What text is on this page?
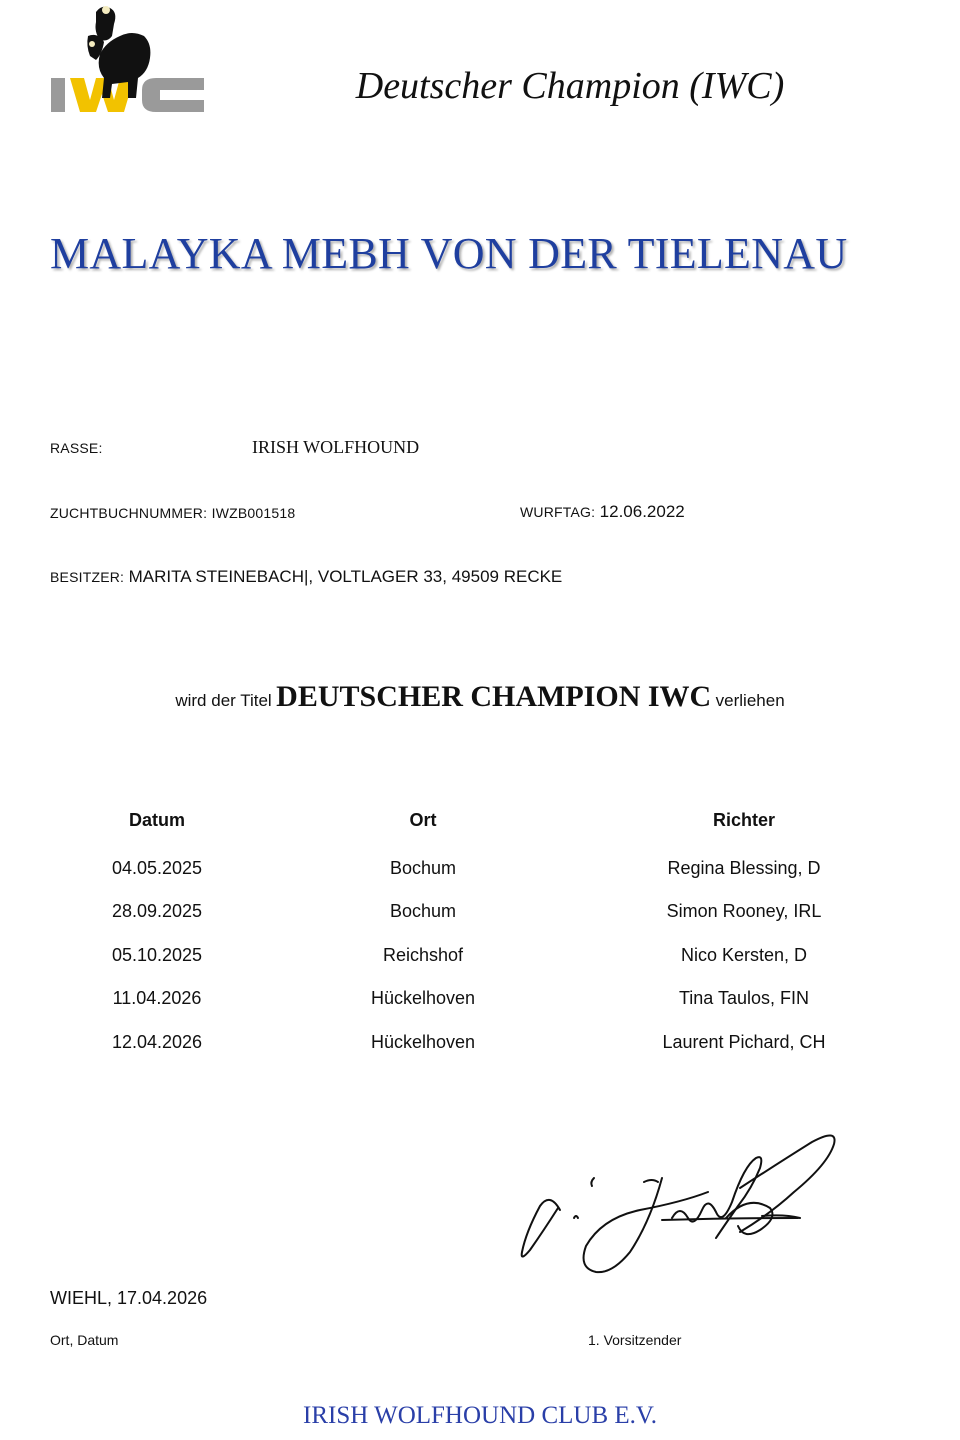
Deutscher Champion (IWC)
MALAYKA MEBH VON DER TIELENAU
RASSE:	IRISH WOLFHOUND
ZUCHTBUCHNUMMER: IWZB001518	WURFTAG: 12.06.2022
BESITZER: MARITA STEINEBACH|, VOLTLAGER 33, 49509 RECKE
wird der Titel DEUTSCHER CHAMPION IWC verliehen
Datum	Ort	Richter
04.05.2025	Bochum	Regina Blessing, D
28.09.2025	Bochum	Simon Rooney, IRL
05.10.2025	Reichshof	Nico Kersten, D
11.04.2026	Hückelhoven	Tina Taulos, FIN
12.04.2026	Hückelhoven	Laurent Pichard, CH
WIEHL, 17.04.2026
Ort, Datum	1. Vorsitzender
IRISH WOLFHOUND CLUB E.V.
